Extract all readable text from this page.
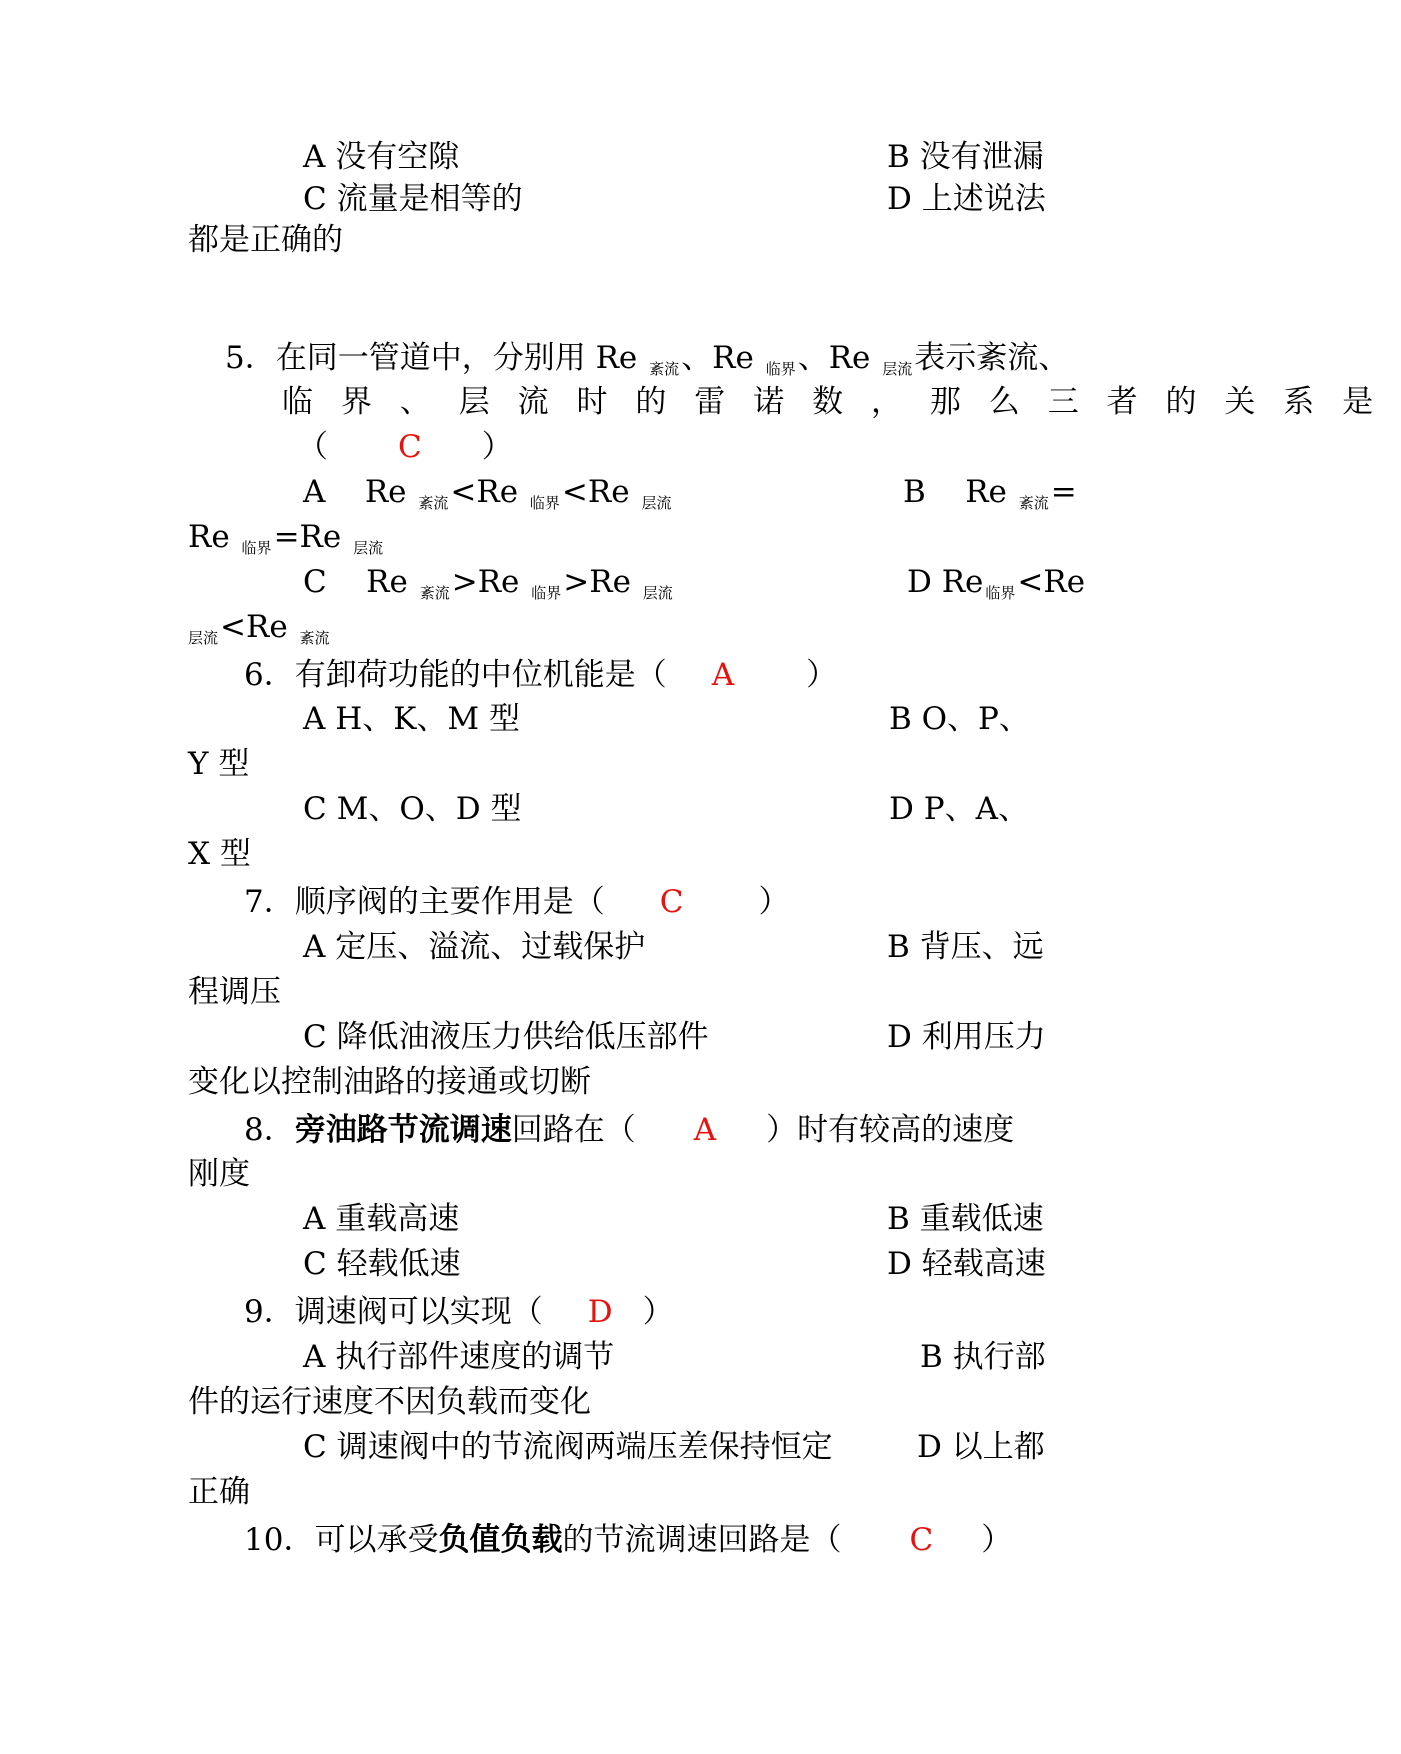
A 没有空隙	B 没有泄漏
C 流量是相等的	D 上述说法
都是正确的
5．在同一管道中，分别用 Re 紊流、Re 临界、Re 层流表示紊流、
临界、层流时的雷诺数，那么三者的关系是
（ C ）
A Re 紊流<Re 临界<Re 层流	B Re 紊流=
Re 临界=Re 层流
C Re 紊流>Re 临界>Re 层流	D Re 临界<Re
层流<Re 紊流
6．有卸荷功能的中位机能是（ A ）
A H、K、M 型	B O、P、
Y 型
C M、O、D 型	D P、A、
X 型
7．顺序阀的主要作用是（ C ）
A 定压、溢流、过载保护	B 背压、远
程调压
C 降低油液压力供给低压部件	D 利用压力
变化以控制油路的接通或切断
8．旁油路节流调速回路在（ A ）时有较高的速度
刚度
A 重载高速	B 重载低速
C 轻载低速	D 轻载高速
9．调速阀可以实现（ D ）
A 执行部件速度的调节	B 执行部
件的运行速度不因负载而变化
C 调速阀中的节流阀两端压差保持恒定	D 以上都
正确
10．可以承受负值负载的节流调速回路是（ C ）
